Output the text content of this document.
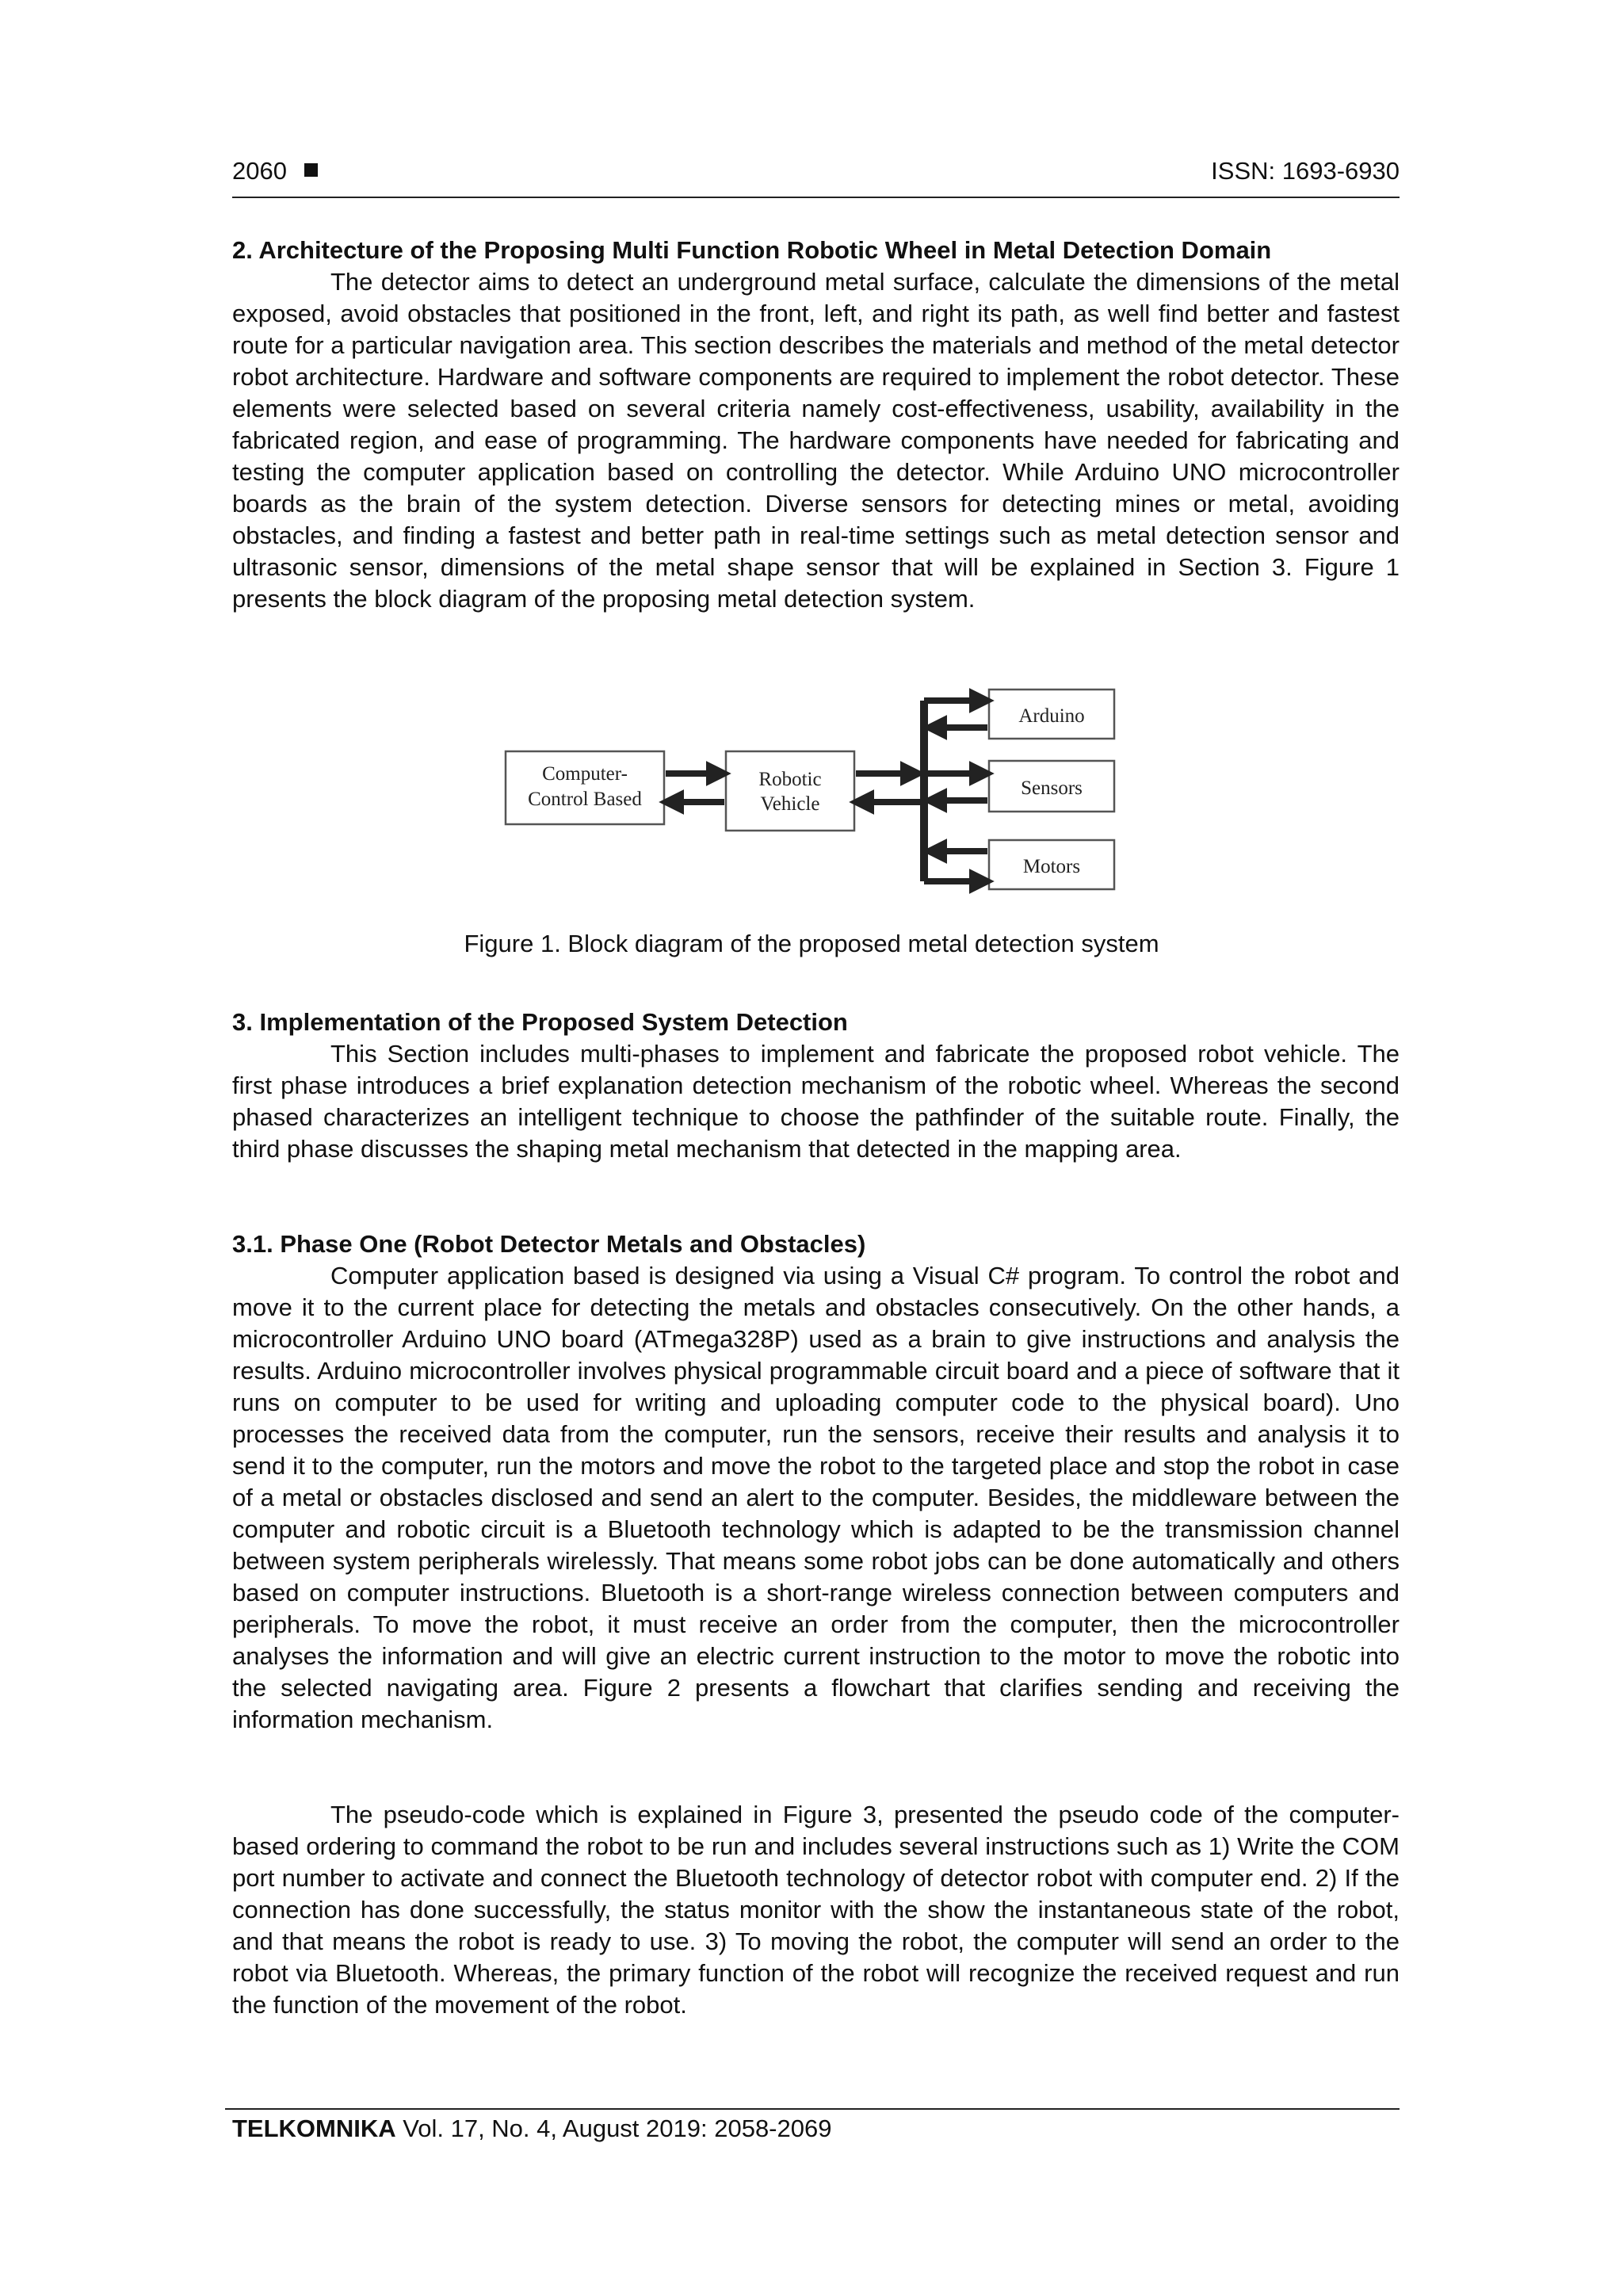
2060	ISSN: 1693-6930
2. Architecture of the Proposing Multi Function Robotic Wheel in Metal Detection Domain
The detector aims to detect an underground metal surface, calculate the dimensions of the metal exposed, avoid obstacles that positioned in the front, left, and right its path, as well find better and fastest route for a particular navigation area. This section describes the materials and method of the metal detector robot architecture. Hardware and software components are required to implement the robot detector. These elements were selected based on several criteria namely cost-effectiveness, usability, availability in the fabricated region, and ease of programming. The hardware components have needed for fabricating and testing the computer application based on controlling the detector. While Arduino UNO microcontroller boards as the brain of the system detection. Diverse sensors for detecting mines or metal, avoiding obstacles, and finding a fastest and better path in real-time settings such as metal detection sensor and ultrasonic sensor, dimensions of the metal shape sensor that will be explained in Section 3. Figure 1 presents the block diagram of the proposing metal detection system.
Computer-
Control Based
Robotic
Vehicle
Arduino
Sensors
Motors
Figure 1. Block diagram of the proposed metal detection system
3. Implementation of the Proposed System Detection
This Section includes multi-phases to implement and fabricate the proposed robot vehicle. The first phase introduces a brief explanation detection mechanism of the robotic wheel. Whereas the second phased characterizes an intelligent technique to choose the pathfinder of the suitable route. Finally, the third phase discusses the shaping metal mechanism that detected in the mapping area.
3.1. Phase One (Robot Detector Metals and Obstacles)
Computer application based is designed via using a Visual C# program. To control the robot and move it to the current place for detecting the metals and obstacles consecutively. On the other hands, a microcontroller Arduino UNO board (ATmega328P) used as a brain to give instructions and analysis the results. Arduino microcontroller involves physical programmable circuit board and a piece of software that it runs on computer to be used for writing and uploading computer code to the physical board). Uno processes the received data from the computer, run the sensors, receive their results and analysis it to send it to the computer, run the motors and move the robot to the targeted place and stop the robot in case of a metal or obstacles disclosed and send an alert to the computer. Besides, the middleware between the computer and robotic circuit is a Bluetooth technology which is adapted to be the transmission channel between system peripherals wirelessly. That means some robot jobs can be done automatically and others based on computer instructions. Bluetooth is a short-range wireless connection between computers and peripherals. To move the robot, it must receive an order from the computer, then the microcontroller analyses the information and will give an electric current instruction to the motor to move the robotic into the selected navigating area. Figure 2 presents a flowchart that clarifies sending and receiving the information mechanism.
The pseudo-code which is explained in Figure 3, presented the pseudo code of the computer-based ordering to command the robot to be run and includes several instructions such as 1) Write the COM port number to activate and connect the Bluetooth technology of detector robot with computer end. 2) If the connection has done successfully, the status monitor with the show the instantaneous state of the robot, and that means the robot is ready to use. 3) To moving the robot, the computer will send an order to the robot via Bluetooth. Whereas, the primary function of the robot will recognize the received request and run the function of the movement of the robot.
TELKOMNIKA Vol. 17, No. 4, August 2019: 2058-2069
